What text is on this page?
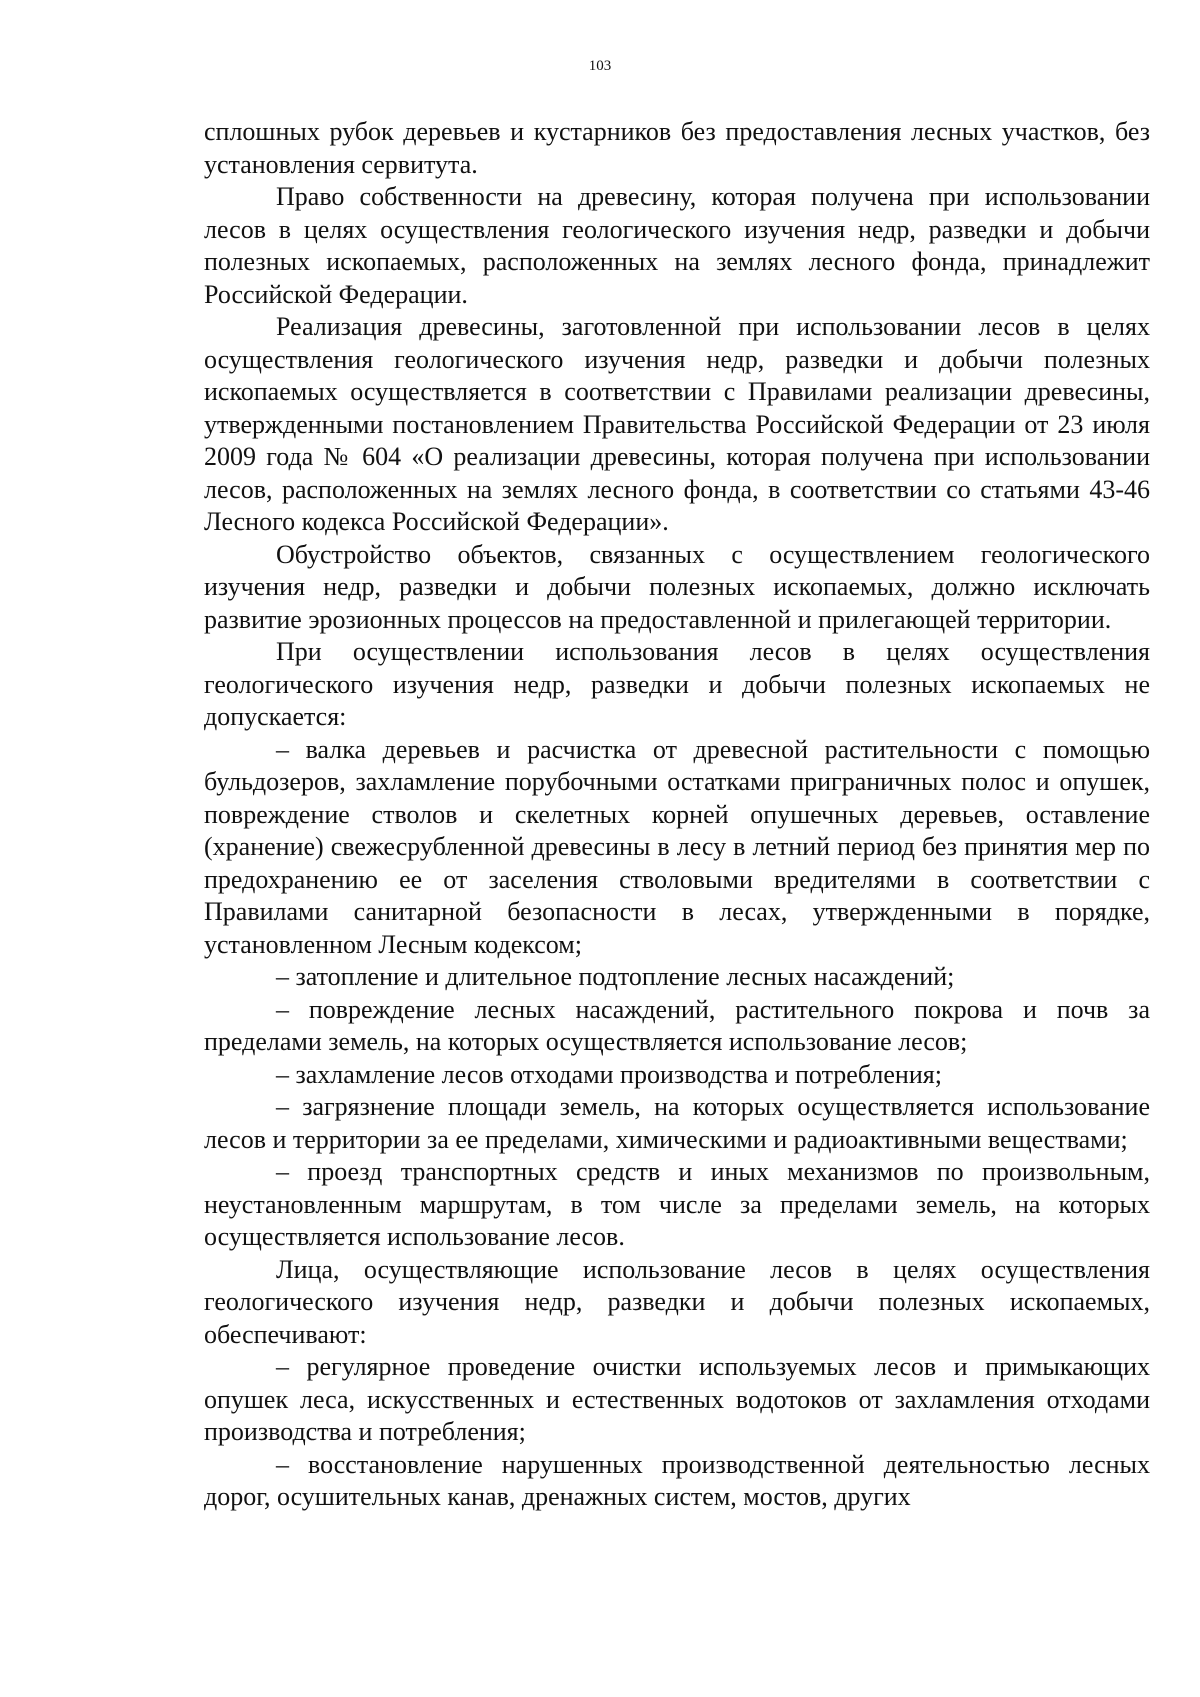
103

сплошных рубок деревьев и кустарников без предоставления лесных участков, без установления сервитута.

Право собственности на древесину, которая получена при использовании лесов в целях осуществления геологического изучения недр, разведки и добычи полезных ископаемых, расположенных на землях лесного фонда, принадлежит Российской Федерации.

Реализация древесины, заготовленной при использовании лесов в целях осуществления геологического изучения недр, разведки и добычи полезных ископаемых осуществляется в соответствии с Правилами реализации древесины, утвержденными постановлением Правительства Российской Федерации от 23 июля 2009 года № 604 «О реализации древесины, которая получена при использовании лесов, расположенных на землях лесного фонда, в соответствии со статьями 43-46 Лесного кодекса Российской Федерации».

Обустройство объектов, связанных с осуществлением геологического изучения недр, разведки и добычи полезных ископаемых, должно исключать развитие эрозионных процессов на предоставленной и прилегающей территории.

При осуществлении использования лесов в целях осуществления геологического изучения недр, разведки и добычи полезных ископаемых не допускается:

– валка деревьев и расчистка от древесной растительности с помощью бульдозеров, захламление порубочными остатками приграничных полос и опушек, повреждение стволов и скелетных корней опушечных деревьев, оставление (хранение) свежесрубленной древесины в лесу в летний период без принятия мер по предохранению ее от заселения стволовыми вредителями в соответствии с Правилами санитарной безопасности в лесах, утвержденными в порядке, установленном Лесным кодексом;

– затопление и длительное подтопление лесных насаждений;

– повреждение лесных насаждений, растительного покрова и почв за пределами земель, на которых осуществляется использование лесов;

– захламление лесов отходами производства и потребления;

– загрязнение площади земель, на которых осуществляется использование лесов и территории за ее пределами, химическими и радиоактивными веществами;

– проезд транспортных средств и иных механизмов по произвольным, неустановленным маршрутам, в том числе за пределами земель, на которых осуществляется использование лесов.

Лица, осуществляющие использование лесов в целях осуществления геологического изучения недр, разведки и добычи полезных ископаемых, обеспечивают:

– регулярное проведение очистки используемых лесов и примыкающих опушек леса, искусственных и естественных водотоков от захламления отходами производства и потребления;

– восстановление нарушенных производственной деятельностью лесных дорог, осушительных канав, дренажных систем, мостов, других
